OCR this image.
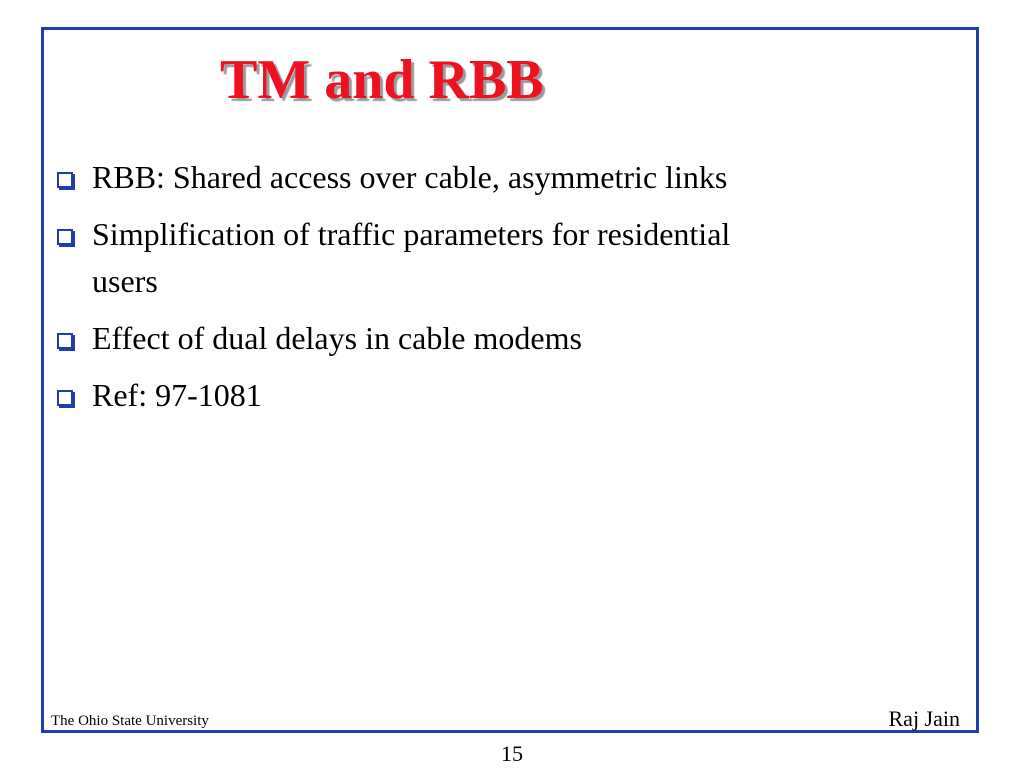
TM and RBB
RBB: Shared access over cable, asymmetric links
Simplification of traffic parameters for residential users
Effect of dual delays in cable modems
Ref: 97-1081
The Ohio State University	Raj Jain
15
